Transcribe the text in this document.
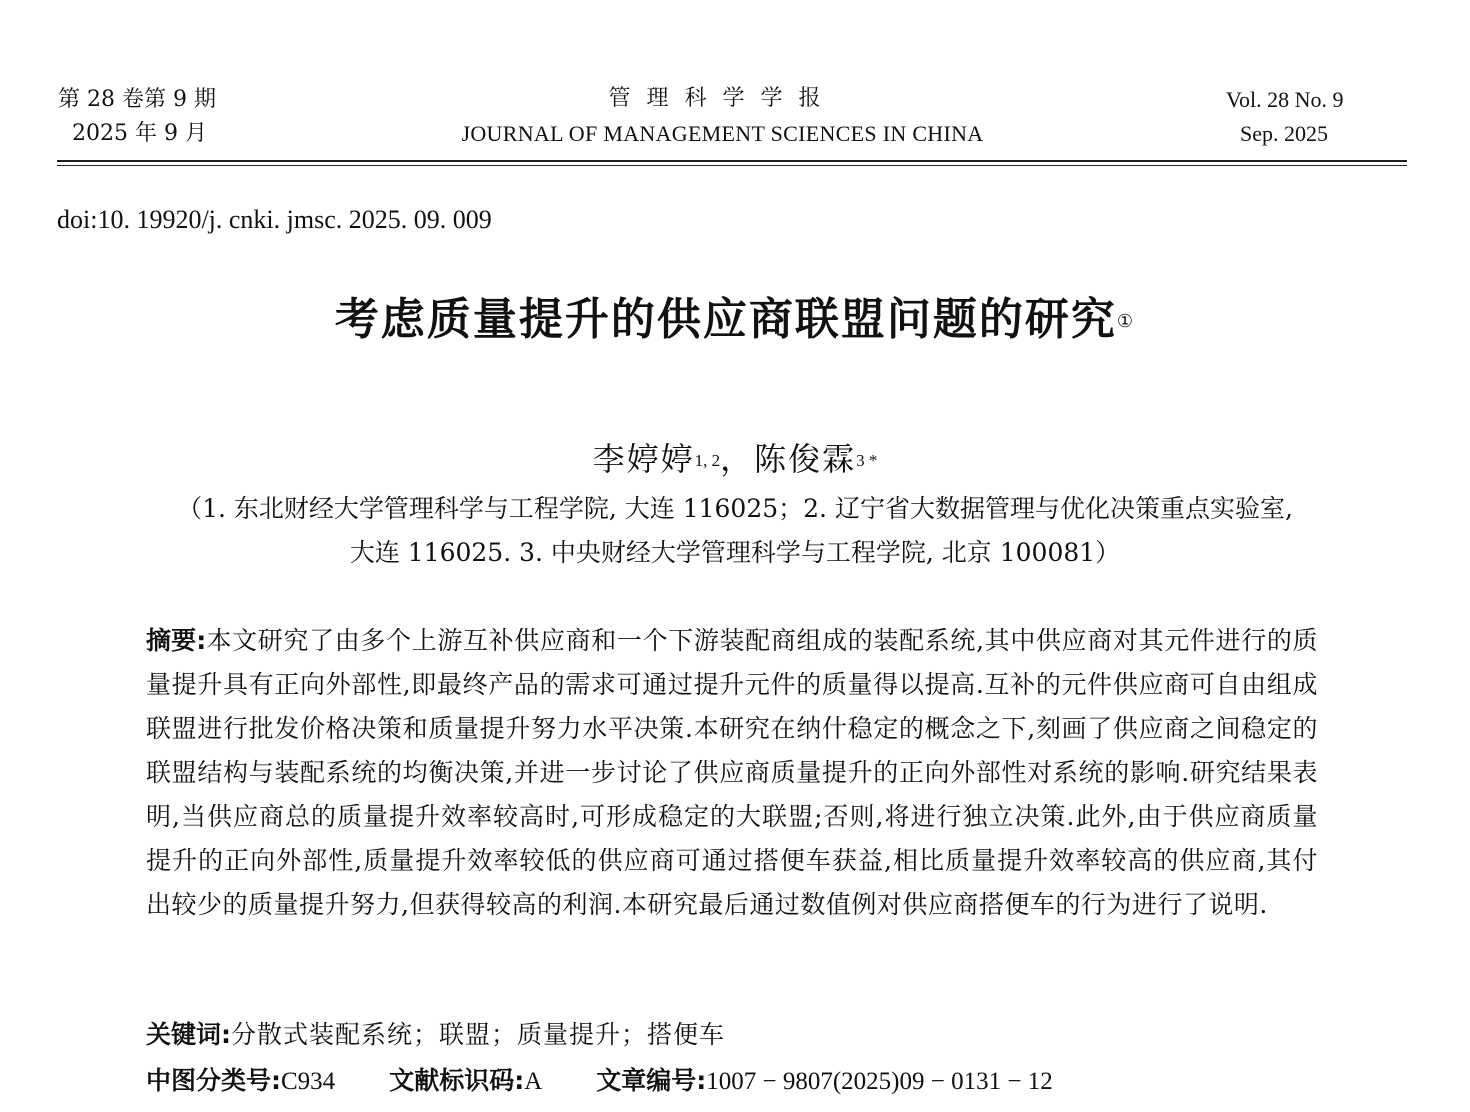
第 28 卷第 9 期
2025 年 9 月
管理科学学报
JOURNAL OF MANAGEMENT SCIENCES IN CHINA
Vol. 28 No. 9
Sep. 2025
doi:10. 19920/j. cnki. jmsc. 2025. 09. 009
考虑质量提升的供应商联盟问题的研究①
李婷婷$^{1, 2}$，陈俊霖$^{3 *}$
（1. 东北财经大学管理科学与工程学院, 大连 116025；2. 辽宁省大数据管理与优化决策重点实验室,
大连 116025. 3. 中央财经大学管理科学与工程学院, 北京 100081）
摘要:本文研究了由多个上游互补供应商和一个下游装配商组成的装配系统,其中供应商对其元件进行的质量提升具有正向外部性,即最终产品的需求可通过提升元件的质量得以提高.互补的元件供应商可自由组成联盟进行批发价格决策和质量提升努力水平决策.本研究在纳什稳定的概念之下,刻画了供应商之间稳定的联盟结构与装配系统的均衡决策,并进一步讨论了供应商质量提升的正向外部性对系统的影响.研究结果表明,当供应商总的质量提升效率较高时,可形成稳定的大联盟;否则,将进行独立决策.此外,由于供应商质量提升的正向外部性,质量提升效率较低的供应商可通过搭便车获益,相比质量提升效率较高的供应商,其付出较少的质量提升努力,但获得较高的利润.本研究最后通过数值例对供应商搭便车的行为进行了说明.
关键词:分散式装配系统；联盟；质量提升；搭便车
中图分类号:C934 文献标识码:A 文章编号:1007 − 9807(2025)09 − 0131 − 12
